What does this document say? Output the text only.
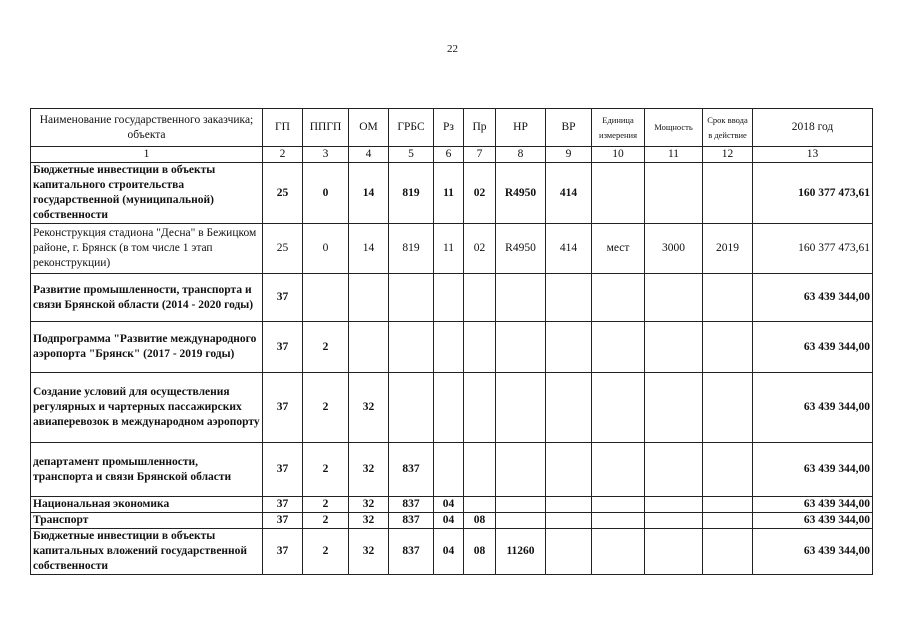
22
Наименование государственного заказчика; объекта	ГП	ППГП	ОМ	ГРБС	Рз	Пр	НР	ВР	Единица измерения	Мощность	Срок ввода в действие	2018 год
1	2	3	4	5	6	7	8	9	10	11	12	13
Бюджетные инвестиции в объекты капитального строительства государственной (муниципальной) собственности	25	0	14	819	11	02	R4950	414				160 377 473,61
Реконструкция стадиона "Десна" в Бежицком районе, г. Брянск (в том числе 1 этап реконструкции)	25	0	14	819	11	02	R4950	414	мест	3000	2019	160 377 473,61
Развитие промышленности, транспорта и связи Брянской области (2014 - 2020 годы)	37											63 439 344,00
Подпрограмма "Развитие международного аэропорта "Брянск" (2017 - 2019 годы)	37	2										63 439 344,00
Создание условий для осуществления регулярных и чартерных пассажирских авиаперевозок в международном аэропорту	37	2	32									63 439 344,00
департамент промышленности, транспорта и связи Брянской области	37	2	32	837								63 439 344,00
Национальная экономика	37	2	32	837	04							63 439 344,00
Транспорт	37	2	32	837	04	08						63 439 344,00
Бюджетные инвестиции в объекты капитальных вложений государственной собственности	37	2	32	837	04	08	11260					63 439 344,00
